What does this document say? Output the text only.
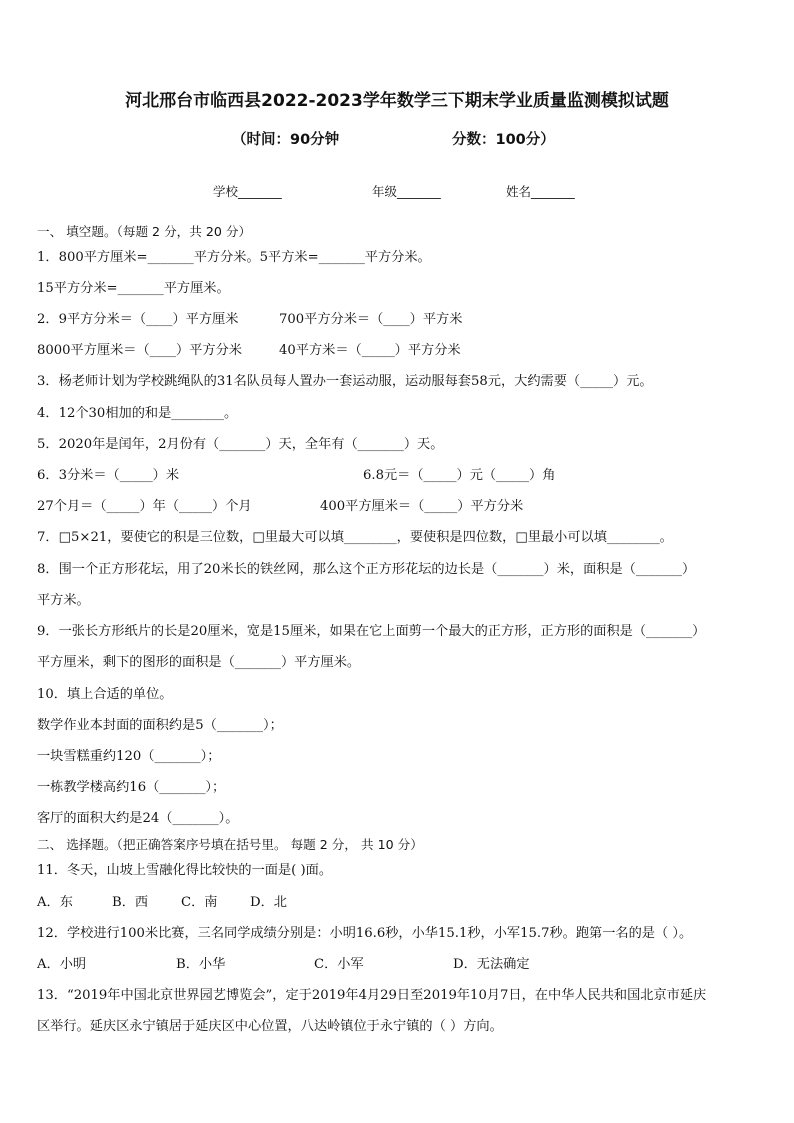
河北邢台市临西县2022-2023学年数学三下期末学业质量监测模拟试题
（时间：90分钟	分数：100分）
学校_______	年级_______	姓名_______
一、 填空题。（每题 2 分，共 20 分）
1．800平方厘米=_______平方分米。5平方米=_______平方分米。
15平方分米=_______平方厘米。
2．9平方分米＝（____）平方厘米	700平方分米＝（____）平方米
8000平方厘米＝（____）平方分米	40平方米＝（_____）平方分米
3．杨老师计划为学校跳绳队的31名队员每人置办一套运动服，运动服每套58元，大约需要（_____）元。
4．12个30相加的和是________。
5．2020年是闰年，2月份有（_______）天，全年有（_______）天。
6．3分米＝（_____）米	6.8元＝（_____）元（_____）角
27个月＝（_____）年（_____）个月	400平方厘米＝（_____）平方分米
7．□5×21，要使它的积是三位数，□里最大可以填________，要使积是四位数，□里最小可以填________。
8．围一个正方形花坛，用了20米长的铁丝网，那么这个正方形花坛的边长是（_______）米，面积是（_______）
平方米。
9．一张长方形纸片的长是20厘米，宽是15厘米，如果在它上面剪一个最大的正方形，正方形的面积是（_______）
平方厘米，剩下的图形的面积是（_______）平方厘米。
10．填上合适的单位。
数学作业本封面的面积约是5（_______）；
一块雪糕重约120（_______）；
一栋教学楼高约16（_______）；
客厅的面积大约是24（_______）。
二、 选择题。（把正确答案序号填在括号里。 每题 2 分， 共 10 分）
11．冬天，山坡上雪融化得比较快的一面是( )面。
A．东	B．西 C．南 D．北
12．学校进行100米比赛，三名同学成绩分别是：小明16.6秒，小华15.1秒，小军15.7秒。跑第一名的是（ ）。
A．小明	B．小华	C．小军	D．无法确定
13．“2019年中国北京世界园艺博览会”，定于2019年4月29日至2019年10月7日，在中华人民共和国北京市延庆
区举行。延庆区永宁镇居于延庆区中心位置，八达岭镇位于永宁镇的（ ）方向。
